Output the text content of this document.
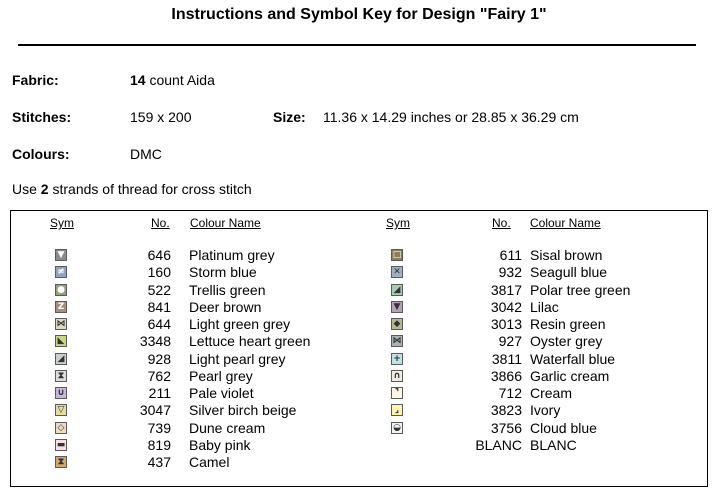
Instructions and Symbol Key for Design "Fairy 1"
Fabric:	14 count Aida
Stitches:	159 x 200	Size: 11.36 x 14.29 inches or 28.85 x 36.29 cm
Colours:	DMC
Use 2 strands of thread for cross stitch
Sym	No. Colour Name	Sym	No. Colour Name
▼	646 Platinum grey
≠	160 Storm blue
●	522 Trellis green
Z	841 Deer brown
⋈	644 Light green grey
◣	3348 Lettuce heart green
◢	928 Light pearl grey
⧗	762 Pearl grey
∪	211 Pale violet
▽	3047 Silver birch beige
◇	739 Dune cream
▬	819 Baby pink
⧗	437 Camel
□	611 Sisal brown
✕	932 Seagull blue
◢	3817 Polar tree green
▼	3042 Lilac
◆	3013 Resin green
⋈	927 Oyster grey
+	3811 Waterfall blue
∩	3866 Garlic cream
⌝	712 Cream
⌟	3823 Ivory
◒	3756 Cloud blue
BLANC BLANC
